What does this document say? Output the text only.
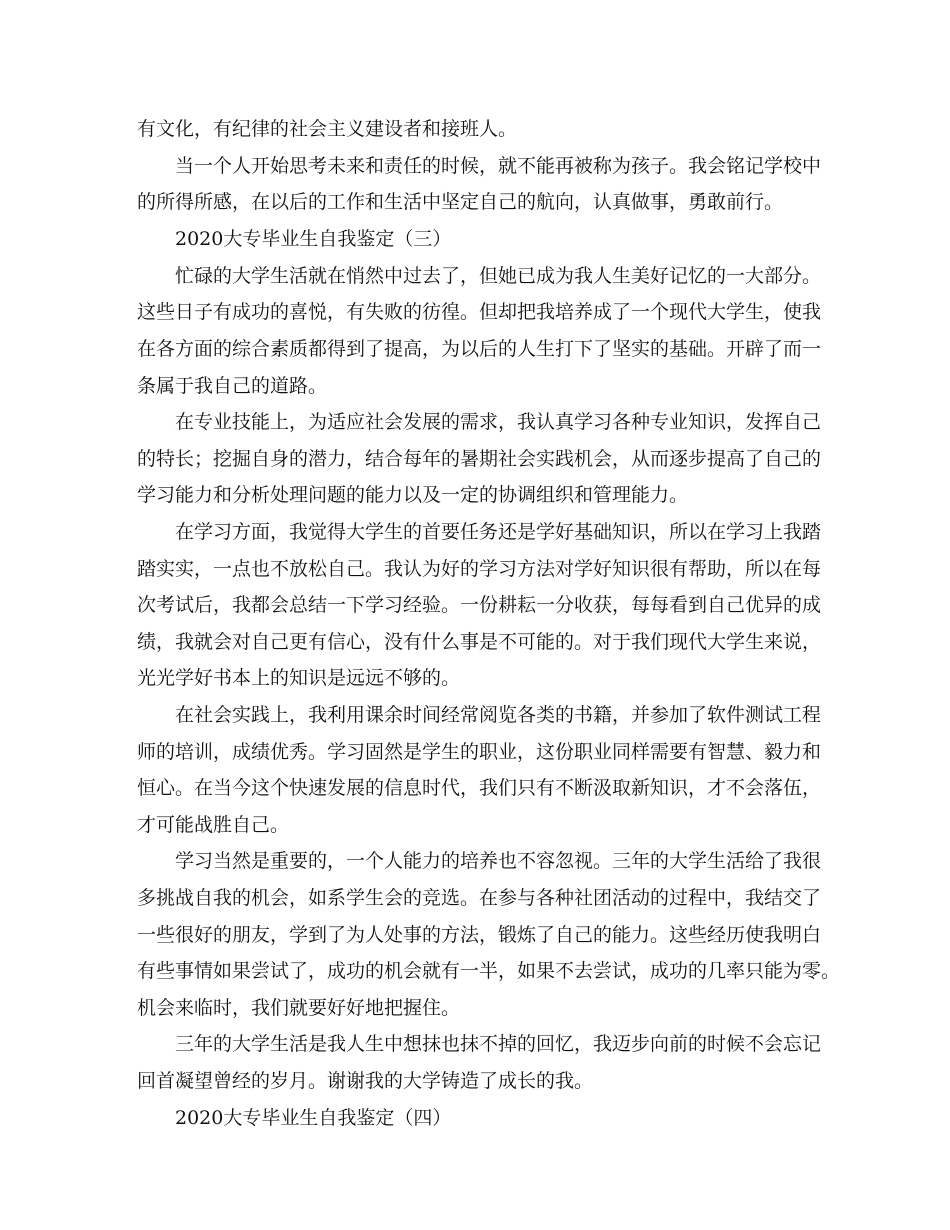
有文化，有纪律的社会主义建设者和接班人。

当一个人开始思考未来和责任的时候，就不能再被称为孩子。我会铭记学校中

的所得所感，在以后的工作和生活中坚定自己的航向，认真做事，勇敢前行。

2020大专毕业生自我鉴定（三）

忙碌的大学生活就在悄然中过去了，但她已成为我人生美好记忆的一大部分。

这些日子有成功的喜悦，有失败的彷徨。但却把我培养成了一个现代大学生，使我

在各方面的综合素质都得到了提高，为以后的人生打下了坚实的基础。开辟了而一

条属于我自己的道路。

在专业技能上，为适应社会发展的需求，我认真学习各种专业知识，发挥自己

的特长；挖掘自身的潜力，结合每年的暑期社会实践机会，从而逐步提高了自己的

学习能力和分析处理问题的能力以及一定的协调组织和管理能力。

在学习方面，我觉得大学生的首要任务还是学好基础知识，所以在学习上我踏

踏实实，一点也不放松自己。我认为好的学习方法对学好知识很有帮助，所以在每

次考试后，我都会总结一下学习经验。一份耕耘一分收获，每每看到自己优异的成

绩，我就会对自己更有信心，没有什么事是不可能的。对于我们现代大学生来说，

光光学好书本上的知识是远远不够的。

在社会实践上，我利用课余时间经常阅览各类的书籍，并参加了软件测试工程

师的培训，成绩优秀。学习固然是学生的职业，这份职业同样需要有智慧、毅力和

恒心。在当今这个快速发展的信息时代，我们只有不断汲取新知识，才不会落伍，

才可能战胜自己。

学习当然是重要的，一个人能力的培养也不容忽视。三年的大学生活给了我很

多挑战自我的机会，如系学生会的竞选。在参与各种社团活动的过程中，我结交了

一些很好的朋友，学到了为人处事的方法，锻炼了自己的能力。这些经历使我明白

有些事情如果尝试了，成功的机会就有一半，如果不去尝试，成功的几率只能为零。

机会来临时，我们就要好好地把握住。

三年的大学生活是我人生中想抹也抹不掉的回忆，我迈步向前的时候不会忘记

回首凝望曾经的岁月。谢谢我的大学铸造了成长的我。

2020大专毕业生自我鉴定（四）
